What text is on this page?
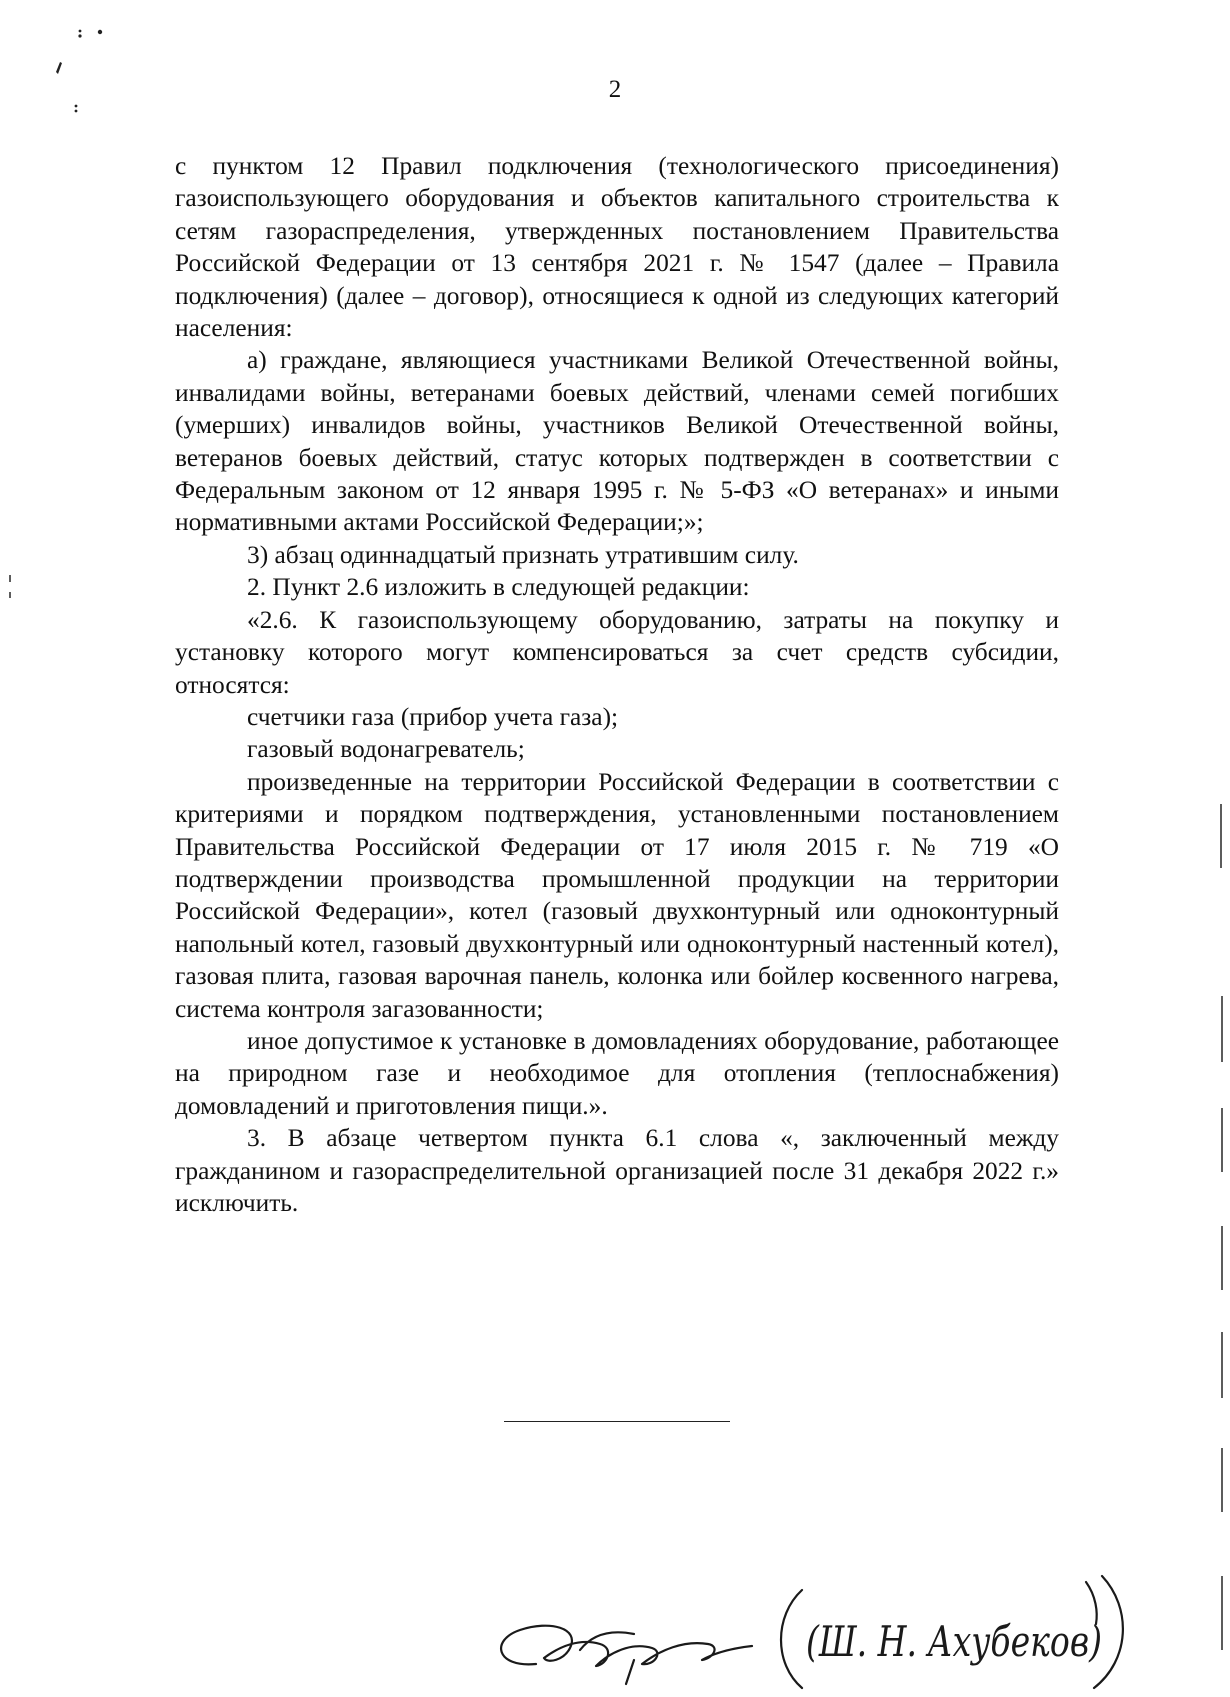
2

с пунктом 12 Правил подключения (технологического присоединения) газоиспользующего оборудования и объектов капитального строительства к сетям газораспределения, утвержденных постановлением Правительства Российской Федерации от 13 сентября 2021 г. № 1547 (далее – Правила подключения) (далее – договор), относящиеся к одной из следующих категорий населения:

а) граждане, являющиеся участниками Великой Отечественной войны, инвалидами войны, ветеранами боевых действий, членами семей погибших (умерших) инвалидов войны, участников Великой Отечественной войны, ветеранов боевых действий, статус которых подтвержден в соответствии с Федеральным законом от 12 января 1995 г. № 5-ФЗ «О ветеранах» и иными нормативными актами Российской Федерации;»;

3) абзац одиннадцатый признать утратившим силу.

2. Пункт 2.6 изложить в следующей редакции:

«2.6. К газоиспользующему оборудованию, затраты на покупку и установку которого могут компенсироваться за счет средств субсидии, относятся:

счетчики газа (прибор учета газа);

газовый водонагреватель;

произведенные на территории Российской Федерации в соответствии с критериями и порядком подтверждения, установленными постановлением Правительства Российской Федерации от 17 июля 2015 г. № 719 «О подтверждении производства промышленной продукции на территории Российской Федерации», котел (газовый двухконтурный или одноконтурный напольный котел, газовый двухконтурный или одноконтурный настенный котел), газовая плита, газовая варочная панель, колонка или бойлер косвенного нагрева, система контроля загазованности;

иное допустимое к установке в домовладениях оборудование, работающее на природном газе и необходимое для отопления (теплоснабжения) домовладений и приготовления пищи.».

3. В абзаце четвертом пункта 6.1 слова «, заключенный между гражданином и газораспределительной организацией после 31 декабря 2022 г.» исключить.

(Ш. Н. Ахубеков)
